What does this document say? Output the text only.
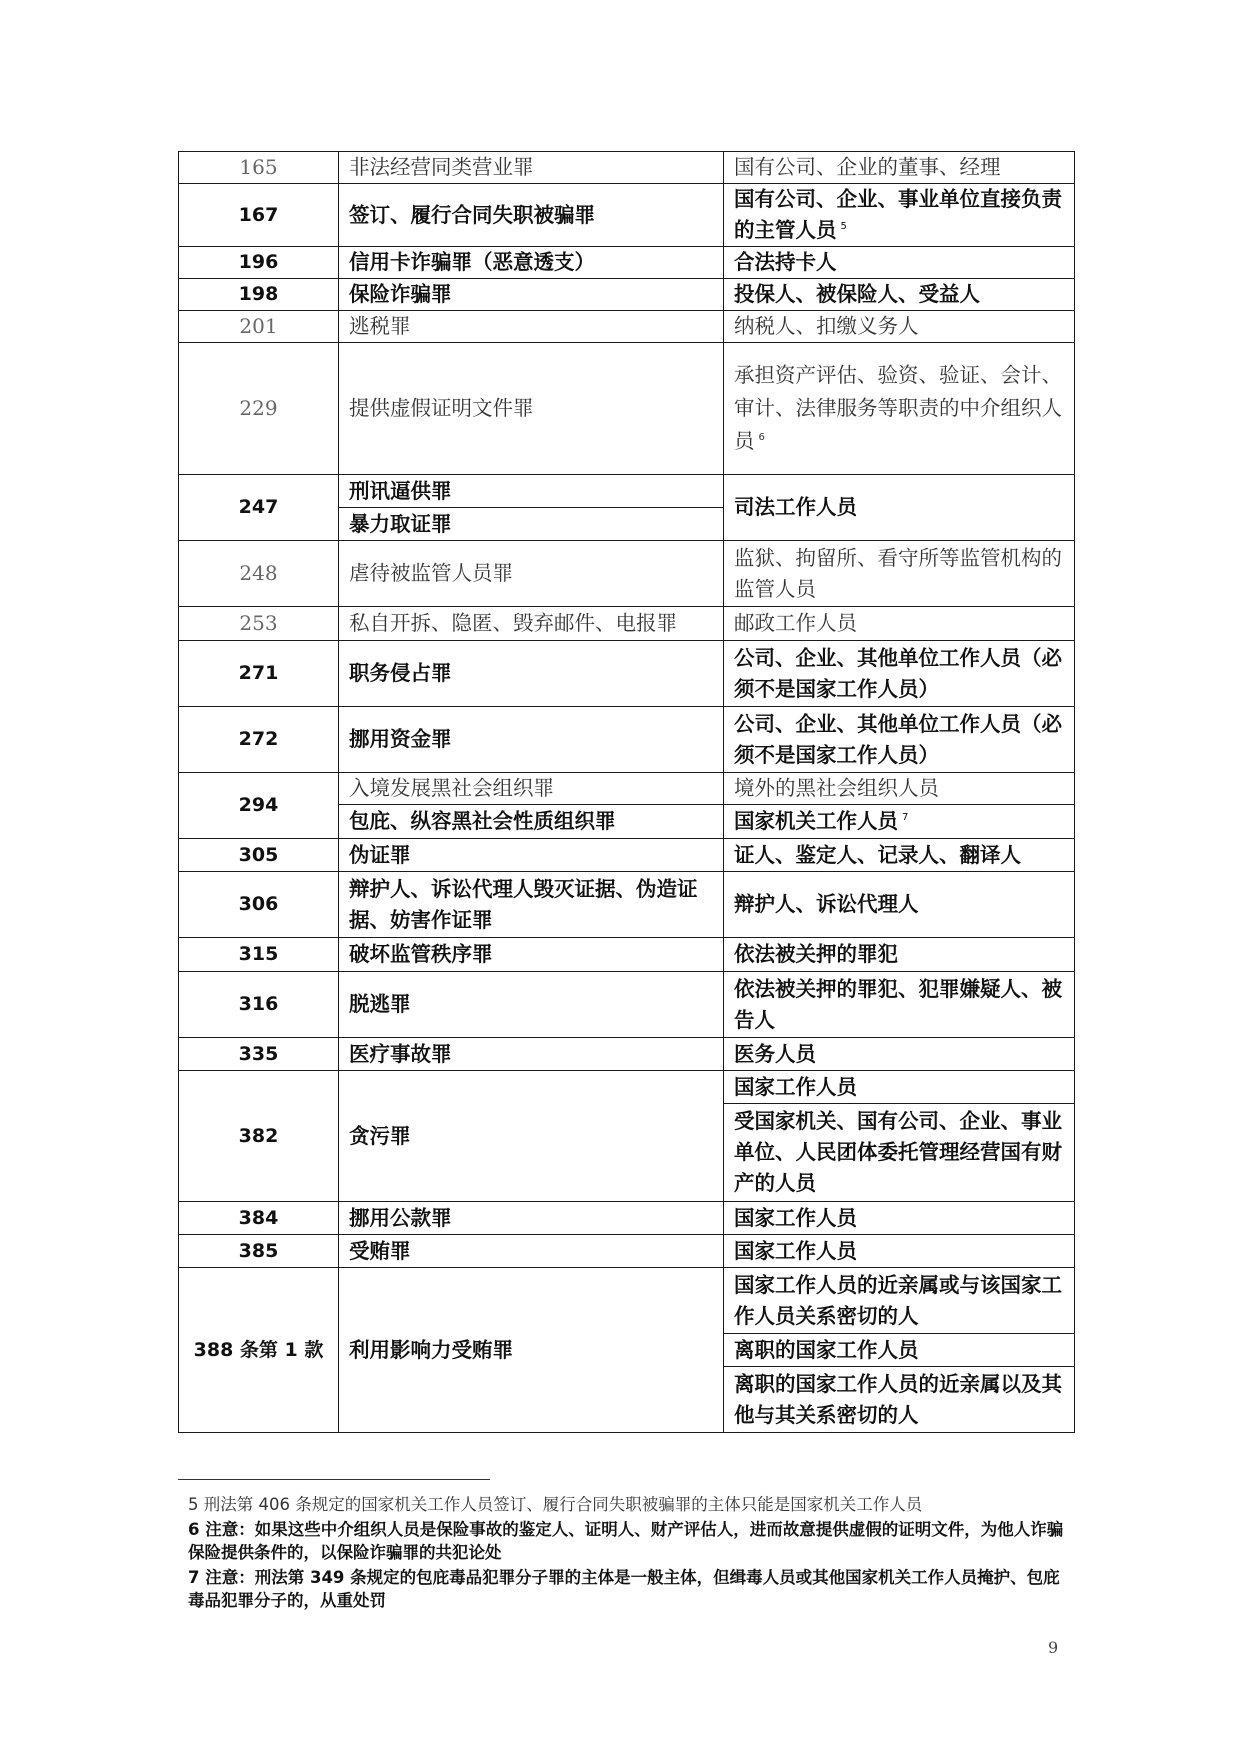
165	非法经营同类营业罪	国有公司、企业的董事、经理
167	签订、履行合同失职被骗罪	国有公司、企业、事业单位直接负责的主管人员 $^5$
196	信用卡诈骗罪（恶意透支）	合法持卡人
198	保险诈骗罪	投保人、被保险人、受益人
201	逃税罪	纳税人、扣缴义务人
229	提供虚假证明文件罪	承担资产评估、验资、验证、会计、审计、法律服务等职责的中介组织人员 $^6$
247	刑讯逼供罪	司法工作人员
	暴力取证罪	
248	虐待被监管人员罪	监狱、拘留所、看守所等监管机构的监管人员
253	私自开拆、隐匿、毁弃邮件、电报罪	邮政工作人员
271	职务侵占罪	公司、企业、其他单位工作人员（必须不是国家工作人员）
272	挪用资金罪	公司、企业、其他单位工作人员（必须不是国家工作人员）
294	入境发展黑社会组织罪	境外的黑社会组织人员
	包庇、纵容黑社会性质组织罪	国家机关工作人员 $^7$
305	伪证罪	证人、鉴定人、记录人、翻译人
306	辩护人、诉讼代理人毁灭证据、伪造证据、妨害作证罪	辩护人、诉讼代理人
315	破坏监管秩序罪	依法被关押的罪犯
316	脱逃罪	依法被关押的罪犯、犯罪嫌疑人、被告人
335	医疗事故罪	医务人员
382	贪污罪	国家工作人员
		受国家机关、国有公司、企业、事业单位、人民团体委托管理经营国有财产的人员
384	挪用公款罪	国家工作人员
385	受贿罪	国家工作人员
388 条第 1 款	利用影响力受贿罪	国家工作人员的近亲属或与该国家工作人员关系密切的人
		离职的国家工作人员
		离职的国家工作人员的近亲属以及其他与其关系密切的人
5 刑法第 406 条规定的国家机关工作人员签订、履行合同失职被骗罪的主体只能是国家机关工作人员
6 注意：如果这些中介组织人员是保险事故的鉴定人、证明人、财产评估人，进而故意提供虚假的证明文件，为他人诈骗保险提供条件的，以保险诈骗罪的共犯论处
7 注意：刑法第 349 条规定的包庇毒品犯罪分子罪的主体是一般主体，但缉毒人员或其他国家机关工作人员掩护、包庇毒品犯罪分子的，从重处罚
9
